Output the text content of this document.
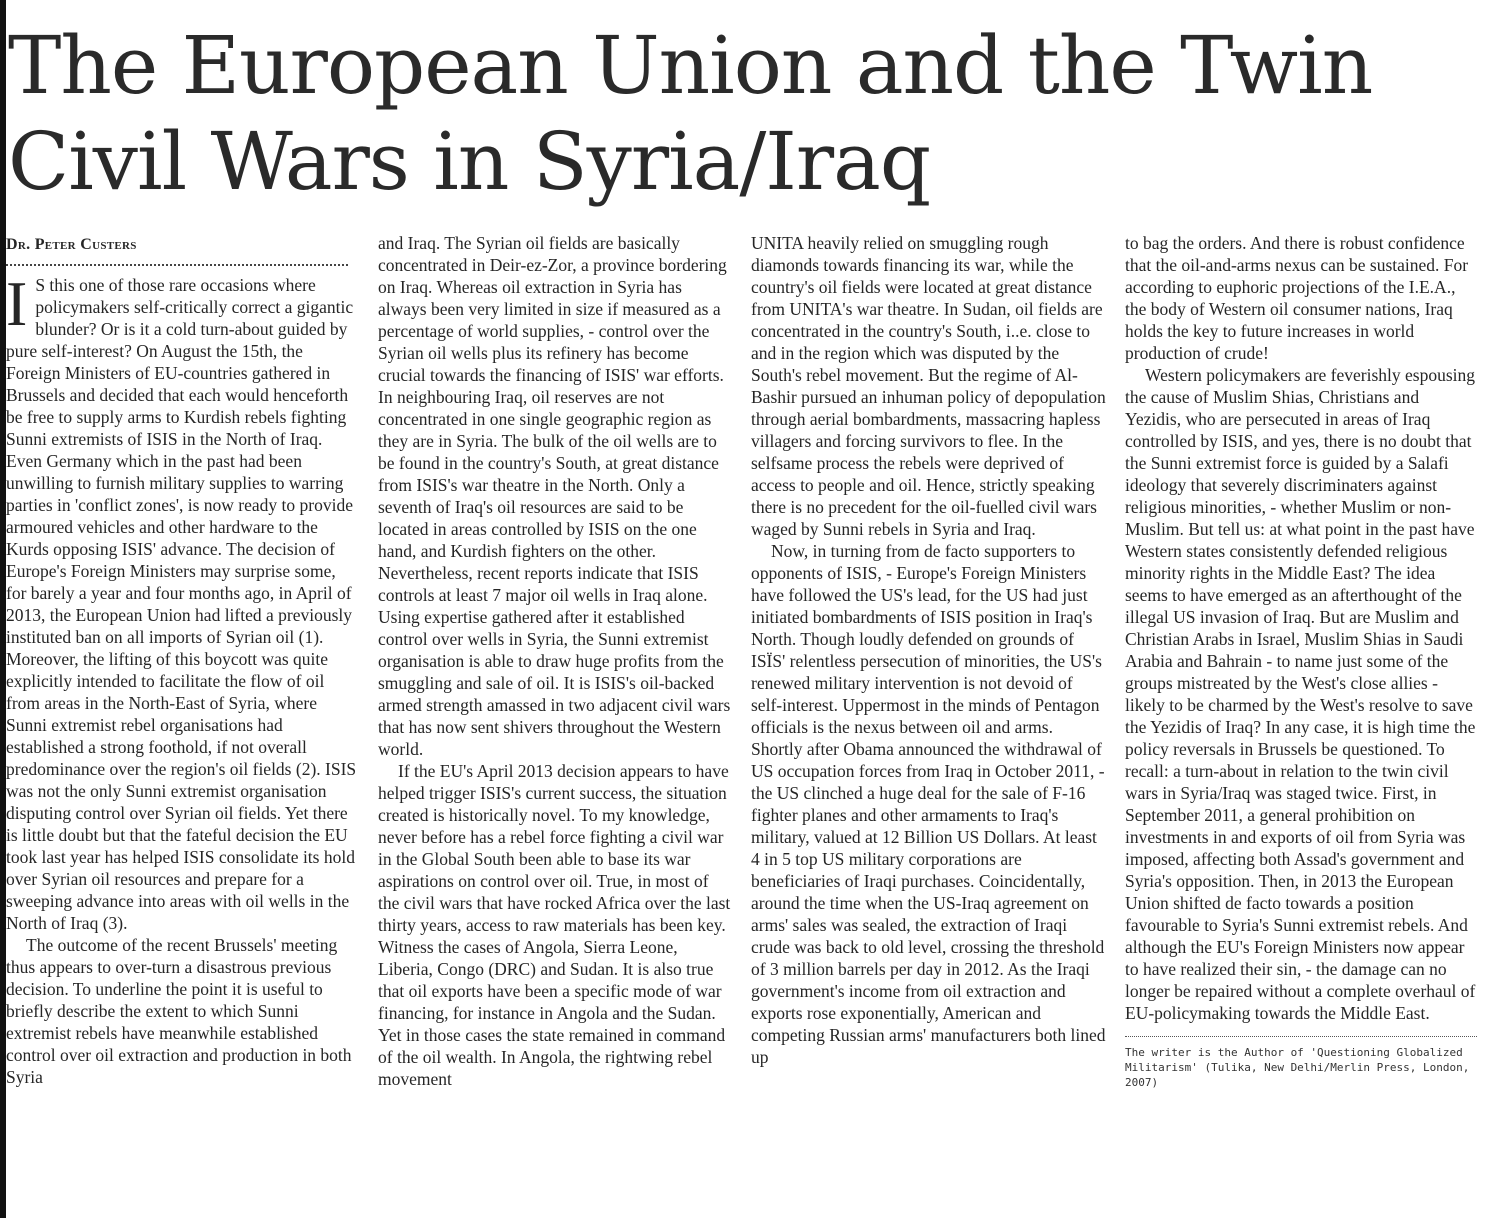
The European Union and the Twin
Civil Wars in Syria/Iraq
Dr. Peter Custers

I S this one of those rare occasions where policymakers self-critically correct a gigantic blunder? Or is it a cold turn-about guided by pure self-interest? On August the 15th, the Foreign Ministers of EU-countries gathered in Brussels and decided that each would henceforth be free to supply arms to Kurdish rebels fighting Sunni extremists of ISIS in the North of Iraq. Even Germany which in the past had been unwilling to furnish military supplies to warring parties in 'conflict zones', is now ready to provide armoured vehicles and other hardware to the Kurds opposing ISIS' advance. The decision of Europe's Foreign Ministers may surprise some, for barely a year and four months ago, in April of 2013, the European Union had lifted a previously instituted ban on all imports of Syrian oil (1). Moreover, the lifting of this boycott was quite explicitly intended to facilitate the flow of oil from areas in the North-East of Syria, where Sunni extremist rebel organisations had established a strong foothold, if not overall predominance over the region's oil fields (2). ISIS was not the only Sunni extremist organisation disputing control over Syrian oil fields. Yet there is little doubt but that the fateful decision the EU took last year has helped ISIS consolidate its hold over Syrian oil resources and prepare for a sweeping advance into areas with oil wells in the North of Iraq (3).

The outcome of the recent Brussels' meeting thus appears to over-turn a disastrous previous decision. To underline the point it is useful to briefly describe the extent to which Sunni extremist rebels have meanwhile established control over oil extraction and production in both Syria

and Iraq. The Syrian oil fields are basically concentrated in Deir-ez-Zor, a province bordering on Iraq. Whereas oil extraction in Syria has always been very limited in size if measured as a percentage of world supplies, - control over the Syrian oil wells plus its refinery has become crucial towards the financing of ISIS' war efforts. In neighbouring Iraq, oil reserves are not concentrated in one single geographic region as they are in Syria. The bulk of the oil wells are to be found in the country's South, at great distance from ISIS's war theatre in the North. Only a seventh of Iraq's oil resources are said to be located in areas controlled by ISIS on the one hand, and Kurdish fighters on the other. Nevertheless, recent reports indicate that ISIS controls at least 7 major oil wells in Iraq alone. Using expertise gathered after it established control over wells in Syria, the Sunni extremist organisation is able to draw huge profits from the smuggling and sale of oil. It is ISIS's oil-backed armed strength amassed in two adjacent civil wars that has now sent shivers throughout the Western world.

If the EU's April 2013 decision appears to have helped trigger ISIS's current success, the situation created is historically novel. To my knowledge, never before has a rebel force fighting a civil war in the Global South been able to base its war aspirations on control over oil. True, in most of the civil wars that have rocked Africa over the last thirty years, access to raw materials has been key. Witness the cases of Angola, Sierra Leone, Liberia, Congo (DRC) and Sudan. It is also true that oil exports have been a specific mode of war financing, for instance in Angola and the Sudan. Yet in those cases the state remained in command of the oil wealth. In Angola, the rightwing rebel movement

UNITA heavily relied on smuggling rough diamonds towards financing its war, while the country's oil fields were located at great distance from UNITA's war theatre. In Sudan, oil fields are concentrated in the country's South, i..e. close to and in the region which was disputed by the South's rebel movement. But the regime of Al-Bashir pursued an inhuman policy of depopulation through aerial bombardments, massacring hapless villagers and forcing survivors to flee. In the selfsame process the rebels were deprived of access to people and oil. Hence, strictly speaking there is no precedent for the oil-fuelled civil wars waged by Sunni rebels in Syria and Iraq.

Now, in turning from de facto supporters to opponents of ISIS, - Europe's Foreign Ministers have followed the US's lead, for the US had just initiated bombardments of ISIS position in Iraq's North. Though loudly defended on grounds of ISÏS' relentless persecution of minorities, the US's renewed military intervention is not devoid of self-interest. Uppermost in the minds of Pentagon officials is the nexus between oil and arms. Shortly after Obama announced the withdrawal of US occupation forces from Iraq in October 2011, - the US clinched a huge deal for the sale of F-16 fighter planes and other armaments to Iraq's military, valued at 12 Billion US Dollars. At least 4 in 5 top US military corporations are beneficiaries of Iraqi purchases. Coincidentally, around the time when the US-Iraq agreement on arms' sales was sealed, the extraction of Iraqi crude was back to old level, crossing the threshold of 3 million barrels per day in 2012. As the Iraqi government's income from oil extraction and exports rose exponentially, American and competing Russian arms' manufacturers both lined up

to bag the orders. And there is robust confidence that the oil-and-arms nexus can be sustained. For according to euphoric projections of the I.E.A., the body of Western oil consumer nations, Iraq holds the key to future increases in world production of crude!

Western policymakers are feverishly espousing the cause of Muslim Shias, Christians and Yezidis, who are persecuted in areas of Iraq controlled by ISIS, and yes, there is no doubt that the Sunni extremist force is guided by a Salafi ideology that severely discriminaters against religious minorities, - whether Muslim or non-Muslim. But tell us: at what point in the past have Western states consistently defended religious minority rights in the Middle East? The idea seems to have emerged as an afterthought of the illegal US invasion of Iraq. But are Muslim and Christian Arabs in Israel, Muslim Shias in Saudi Arabia and Bahrain - to name just some of the groups mistreated by the West's close allies - likely to be charmed by the West's resolve to save the Yezidis of Iraq? In any case, it is high time the policy reversals in Brussels be questioned. To recall: a turn-about in relation to the twin civil wars in Syria/Iraq was staged twice. First, in September 2011, a general prohibition on investments in and exports of oil from Syria was imposed, affecting both Assad's government and Syria's opposition. Then, in 2013 the European Union shifted de facto towards a position favourable to Syria's Sunni extremist rebels. And although the EU's Foreign Ministers now appear to have realized their sin, - the damage can no longer be repaired without a complete overhaul of EU-policymaking towards the Middle East.

The writer is the Author of 'Questioning Globalized Militarism' (Tulika, New Delhi/Merlin Press, London, 2007)
